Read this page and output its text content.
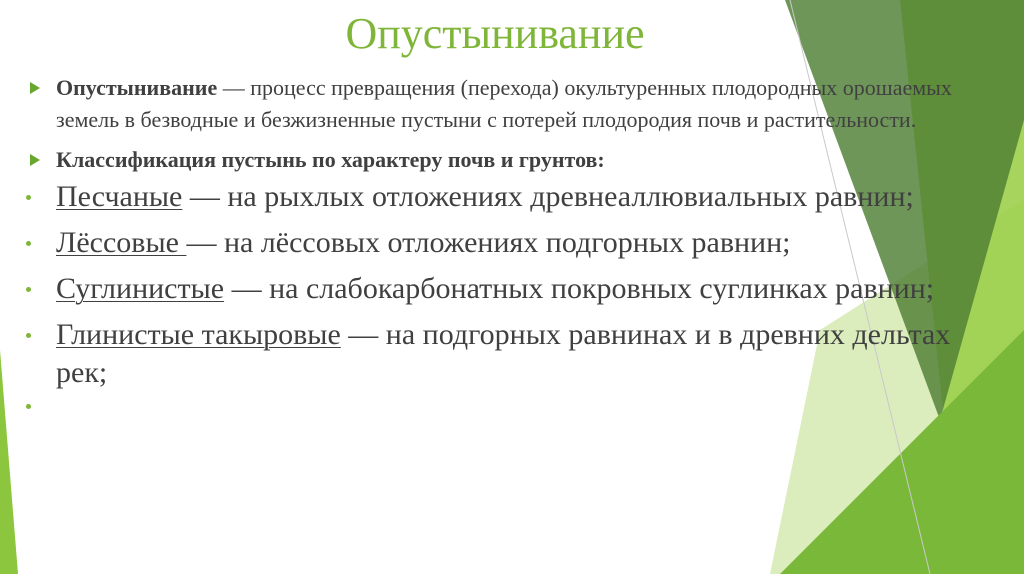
Опустынивание
Опустынивание — процесс превращения (перехода) окультуренных плодородных орошаемых земель в безводные и безжизненные пустыни с потерей плодородия почв и растительности.
Классификация пустынь по характеру почв и грунтов:
Песчаные — на рыхлых отложениях древнеаллювиальных равнин;
Лёссовые — на лёссовых отложениях подгорных равнин;
Суглинистые — на слабокарбонатных покровных суглинках равнин;
Глинистые такыровые — на подгорных равнинах и в древних дельтах рек;
